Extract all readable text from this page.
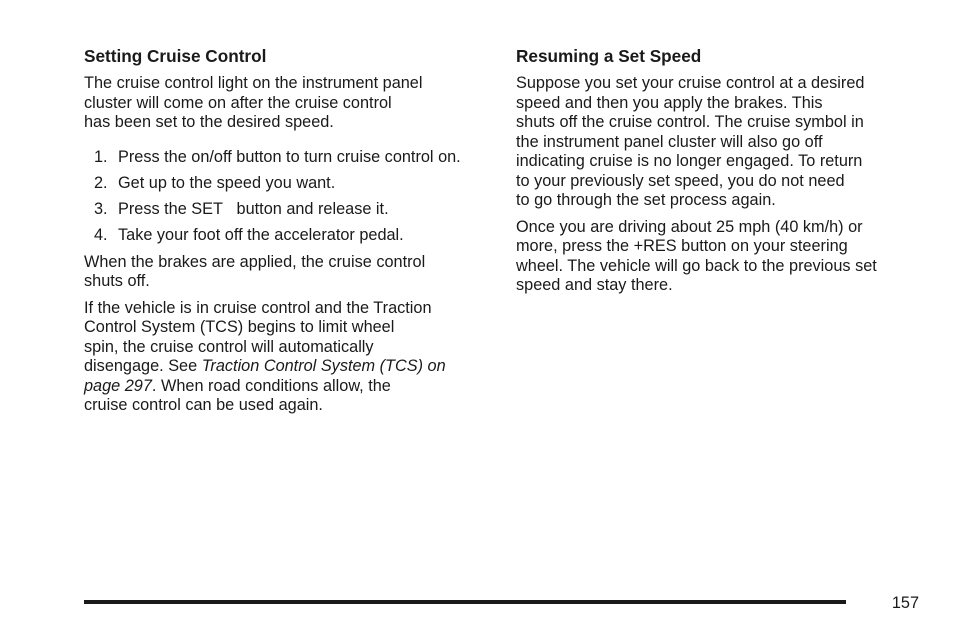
Setting Cruise Control

The cruise control light on the instrument panel
cluster will come on after the cruise control
has been set to the desired speed.

1. Press the on/off button to turn cruise control on.
2. Get up to the speed you want.
3. Press the SET   button and release it.
4. Take your foot off the accelerator pedal.

When the brakes are applied, the cruise control
shuts off.

If the vehicle is in cruise control and the Traction
Control System (TCS) begins to limit wheel
spin, the cruise control will automatically
disengage. See Traction Control System (TCS) on
page 297. When road conditions allow, the
cruise control can be used again.

Resuming a Set Speed

Suppose you set your cruise control at a desired
speed and then you apply the brakes. This
shuts off the cruise control. The cruise symbol in
the instrument panel cluster will also go off
indicating cruise is no longer engaged. To return
to your previously set speed, you do not need
to go through the set process again.

Once you are driving about 25 mph (40 km/h) or
more, press the +RES button on your steering
wheel. The vehicle will go back to the previous set
speed and stay there.

157
